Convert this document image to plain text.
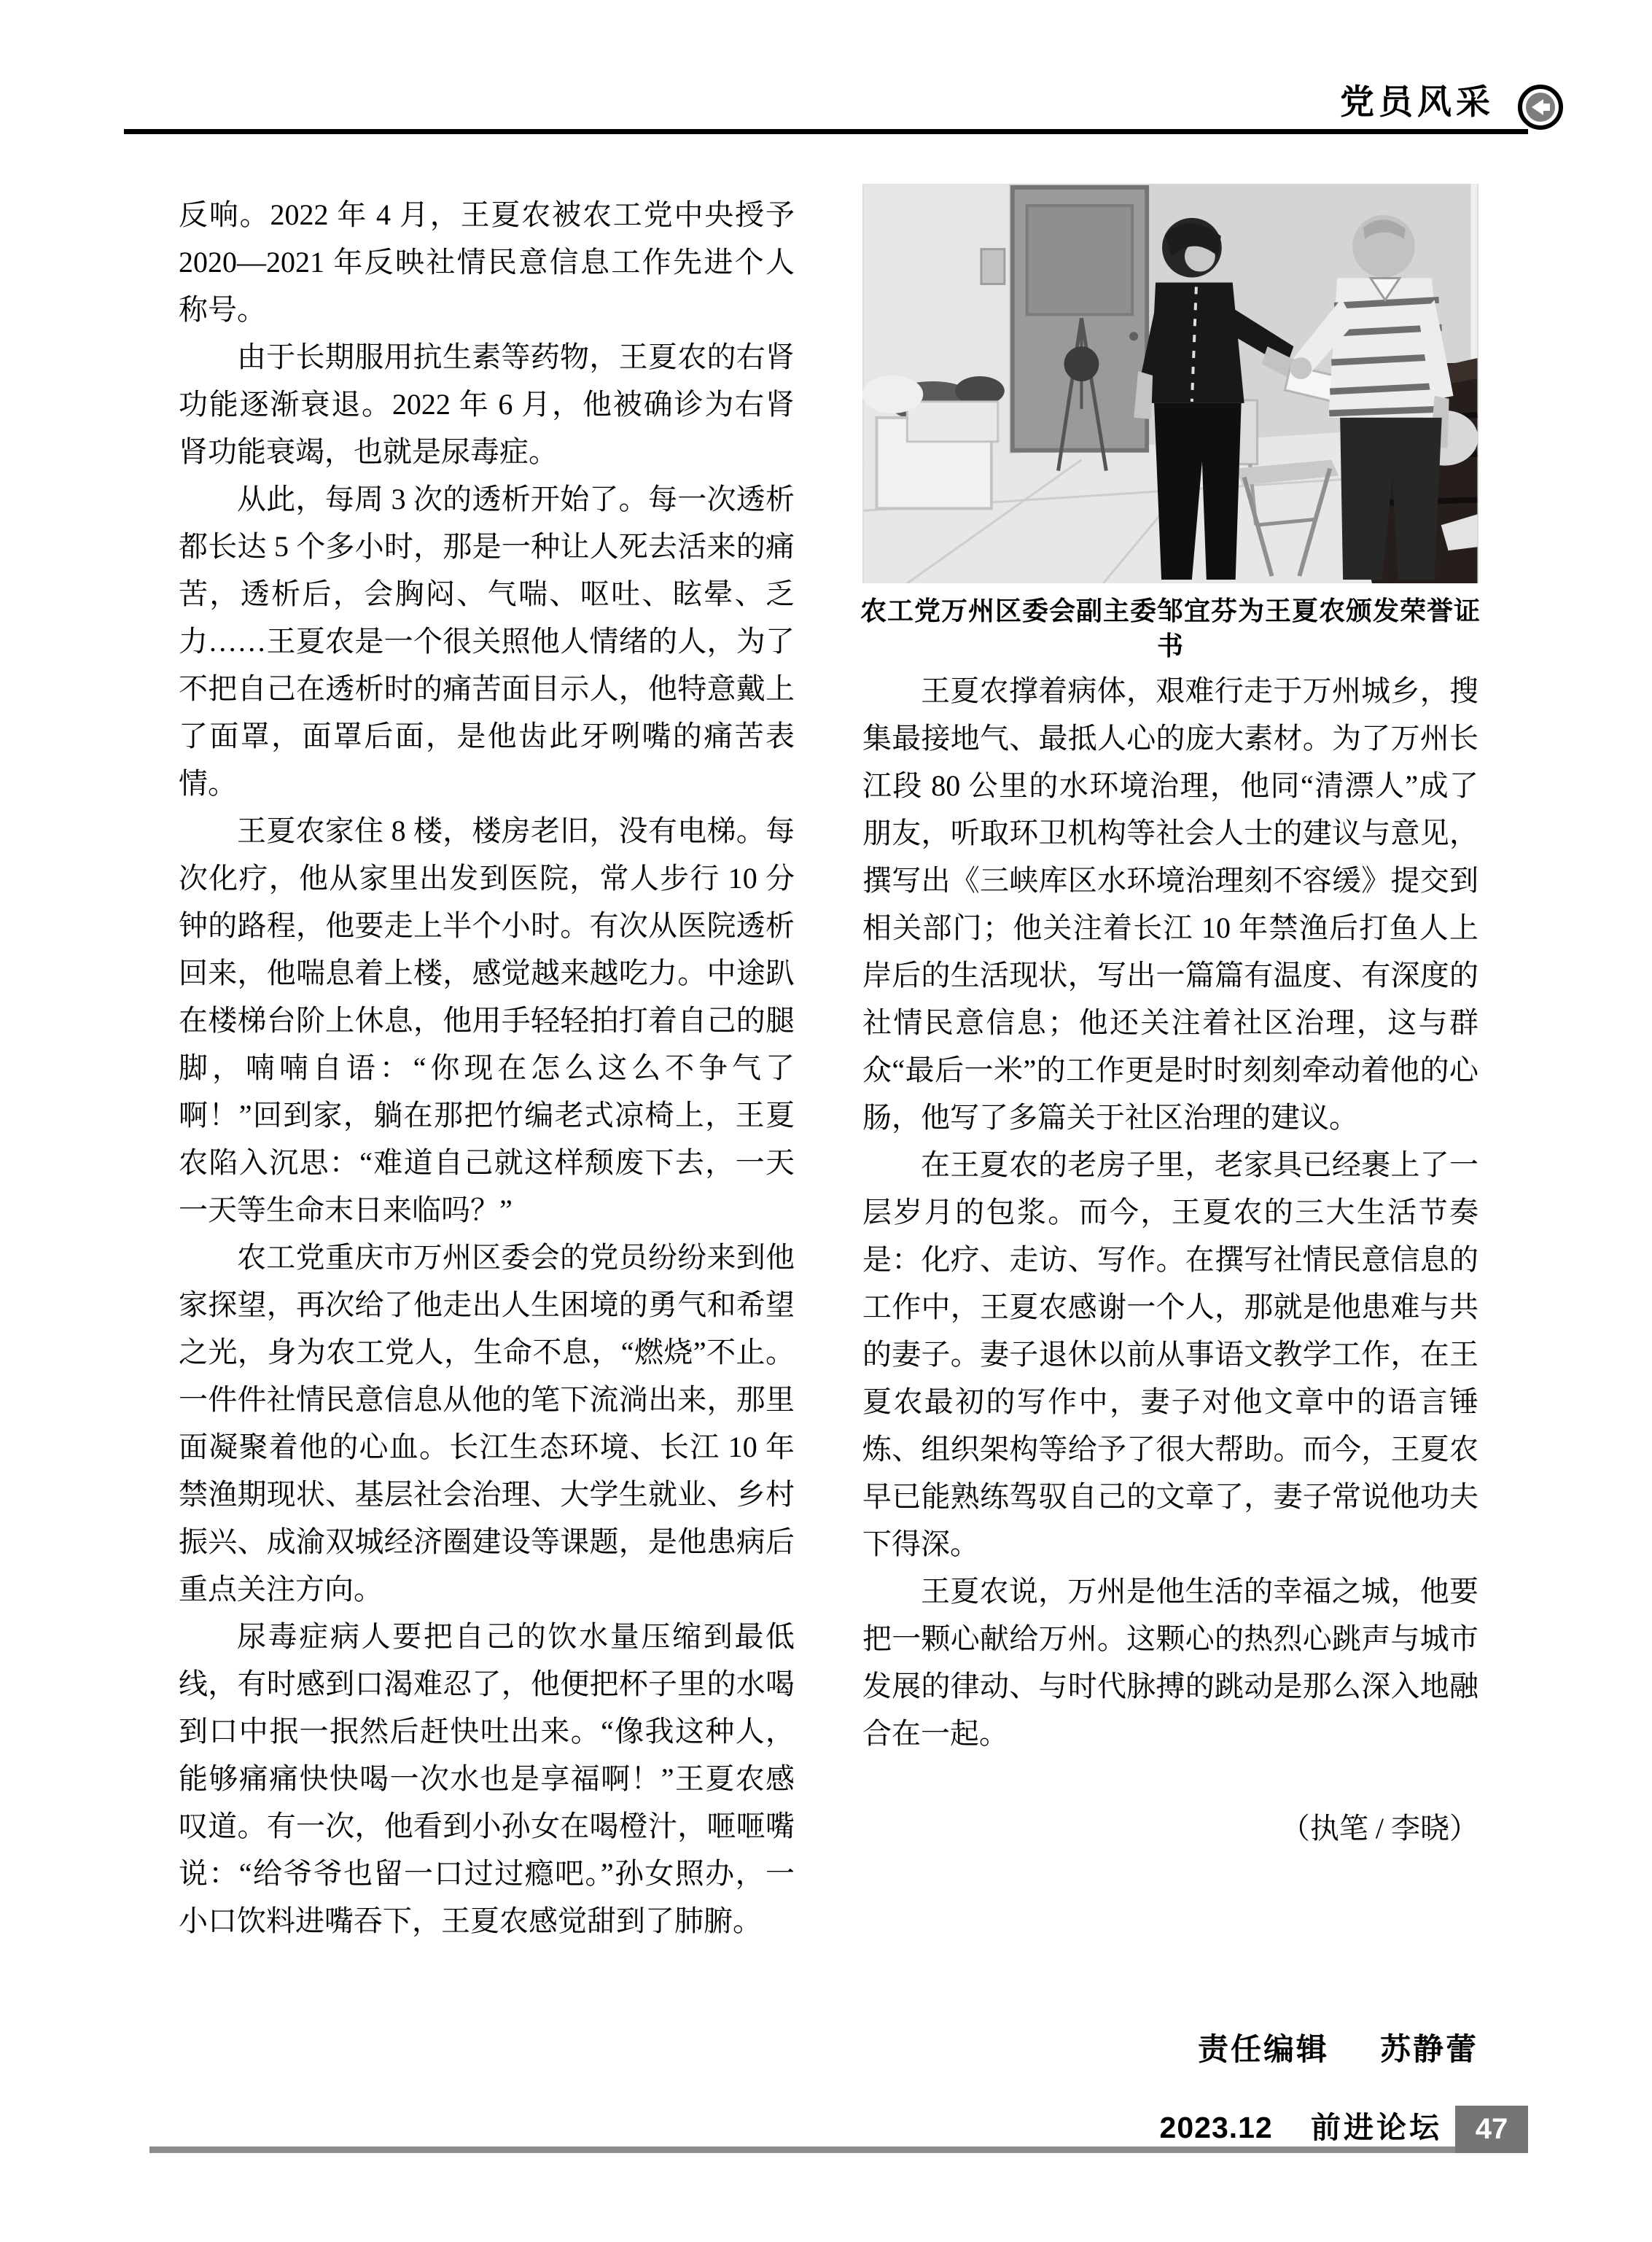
党员风采

反响。2022 年 4 月，王夏农被农工党中央授予 2020—2021 年反映社情民意信息工作先进个人称号。

由于长期服用抗生素等药物，王夏农的右肾功能逐渐衰退。2022 年 6 月，他被确诊为右肾肾功能衰竭，也就是尿毒症。

从此，每周 3 次的透析开始了。每一次透析都长达 5 个多小时，那是一种让人死去活来的痛苦，透析后，会胸闷、气喘、呕吐、眩晕、乏力……王夏农是一个很关照他人情绪的人，为了不把自己在透析时的痛苦面目示人，他特意戴上了面罩，面罩后面，是他齿此牙咧嘴的痛苦表情。

王夏农家住 8 楼，楼房老旧，没有电梯。每次化疗，他从家里出发到医院，常人步行 10 分钟的路程，他要走上半个小时。有次从医院透析回来，他喘息着上楼，感觉越来越吃力。中途趴在楼梯台阶上休息，他用手轻轻拍打着自己的腿脚，喃喃自语：“你现在怎么这么不争气了啊！”回到家，躺在那把竹编老式凉椅上，王夏农陷入沉思：“难道自己就这样颓废下去，一天一天等生命末日来临吗？”

农工党重庆市万州区委会的党员纷纷来到他家探望，再次给了他走出人生困境的勇气和希望之光，身为农工党人，生命不息，“燃烧”不止。一件件社情民意信息从他的笔下流淌出来，那里面凝聚着他的心血。长江生态环境、长江 10 年禁渔期现状、基层社会治理、大学生就业、乡村振兴、成渝双城经济圈建设等课题，是他患病后重点关注方向。

尿毒症病人要把自己的饮水量压缩到最低线，有时感到口渴难忍了，他便把杯子里的水喝到口中抿一抿然后赶快吐出来。“像我这种人，能够痛痛快快喝一次水也是享福啊！”王夏农感叹道。有一次，他看到小孙女在喝橙汁，咂咂嘴说：“给爷爷也留一口过过瘾吧。”孙女照办，一小口饮料进嘴吞下，王夏农感觉甜到了肺腑。

农工党万州区委会副主委邹宜芬为王夏农颁发荣誉证书

王夏农撑着病体，艰难行走于万州城乡，搜集最接地气、最抵人心的庞大素材。为了万州长江段 80 公里的水环境治理，他同“清漂人”成了朋友，听取环卫机构等社会人士的建议与意见，撰写出《三峡库区水环境治理刻不容缓》提交到相关部门；他关注着长江 10 年禁渔后打鱼人上岸后的生活现状，写出一篇篇有温度、有深度的社情民意信息；他还关注着社区治理，这与群众“最后一米”的工作更是时时刻刻牵动着他的心肠，他写了多篇关于社区治理的建议。

在王夏农的老房子里，老家具已经裹上了一层岁月的包浆。而今，王夏农的三大生活节奏是：化疗、走访、写作。在撰写社情民意信息的工作中，王夏农感谢一个人，那就是他患难与共的妻子。妻子退休以前从事语文教学工作，在王夏农最初的写作中，妻子对他文章中的语言锤炼、组织架构等给予了很大帮助。而今，王夏农早已能熟练驾驭自己的文章了，妻子常说他功夫下得深。

王夏农说，万州是他生活的幸福之城，他要把一颗心献给万州。这颗心的热烈心跳声与城市发展的律动、与时代脉搏的跳动是那么深入地融合在一起。

（执笔 / 李晓）

责任编辑 苏静蕾
2023.12 前进论坛	47
